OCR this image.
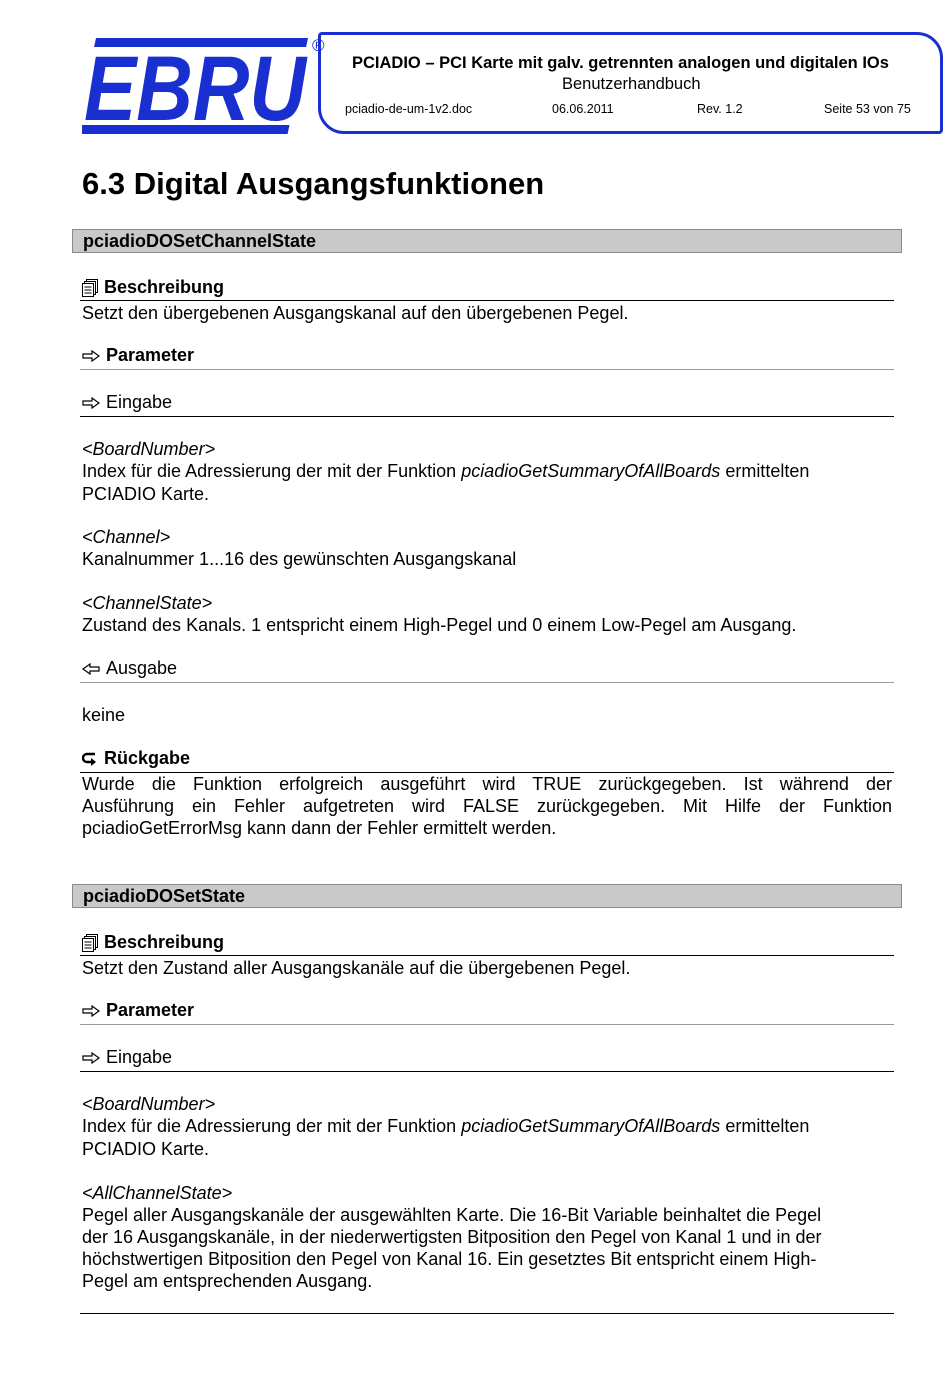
EBRU ®
PCIADIO – PCI Karte mit galv. getrennten analogen und digitalen IOs
Benutzerhandbuch
pciadio-de-um-1v2.doc	06.06.2011	Rev. 1.2	Seite 53 von 75
6.3 Digital Ausgangsfunktionen
pciadioDOSetChannelState
Beschreibung
Setzt den übergebenen Ausgangskanal auf den übergebenen Pegel.
Parameter
Eingabe
<BoardNumber>
Index für die Adressierung der mit der Funktion pciadioGetSummaryOfAllBoards ermittelten
PCIADIO Karte.
<Channel>
Kanalnummer 1...16 des gewünschten Ausgangskanal
<ChannelState>
Zustand des Kanals. 1 entspricht einem High-Pegel und 0 einem Low-Pegel am Ausgang.
Ausgabe
keine
Rückgabe
Wurde die Funktion erfolgreich ausgeführt wird TRUE zurückgegeben. Ist während der
Ausführung ein Fehler aufgetreten wird FALSE zurückgegeben. Mit Hilfe der Funktion
pciadioGetErrorMsg kann dann der Fehler ermittelt werden.
pciadioDOSetState
Beschreibung
Setzt den Zustand aller Ausgangskanäle auf die übergebenen Pegel.
Parameter
Eingabe
<BoardNumber>
Index für die Adressierung der mit der Funktion pciadioGetSummaryOfAllBoards ermittelten
PCIADIO Karte.
<AllChannelState>
Pegel aller Ausgangskanäle der ausgewählten Karte. Die 16-Bit Variable beinhaltet die Pegel
der 16 Ausgangskanäle, in der niederwertigsten Bitposition den Pegel von Kanal 1 und in der
höchstwertigen Bitposition den Pegel von Kanal 16. Ein gesetztes Bit entspricht einem High-
Pegel am entsprechenden Ausgang.
